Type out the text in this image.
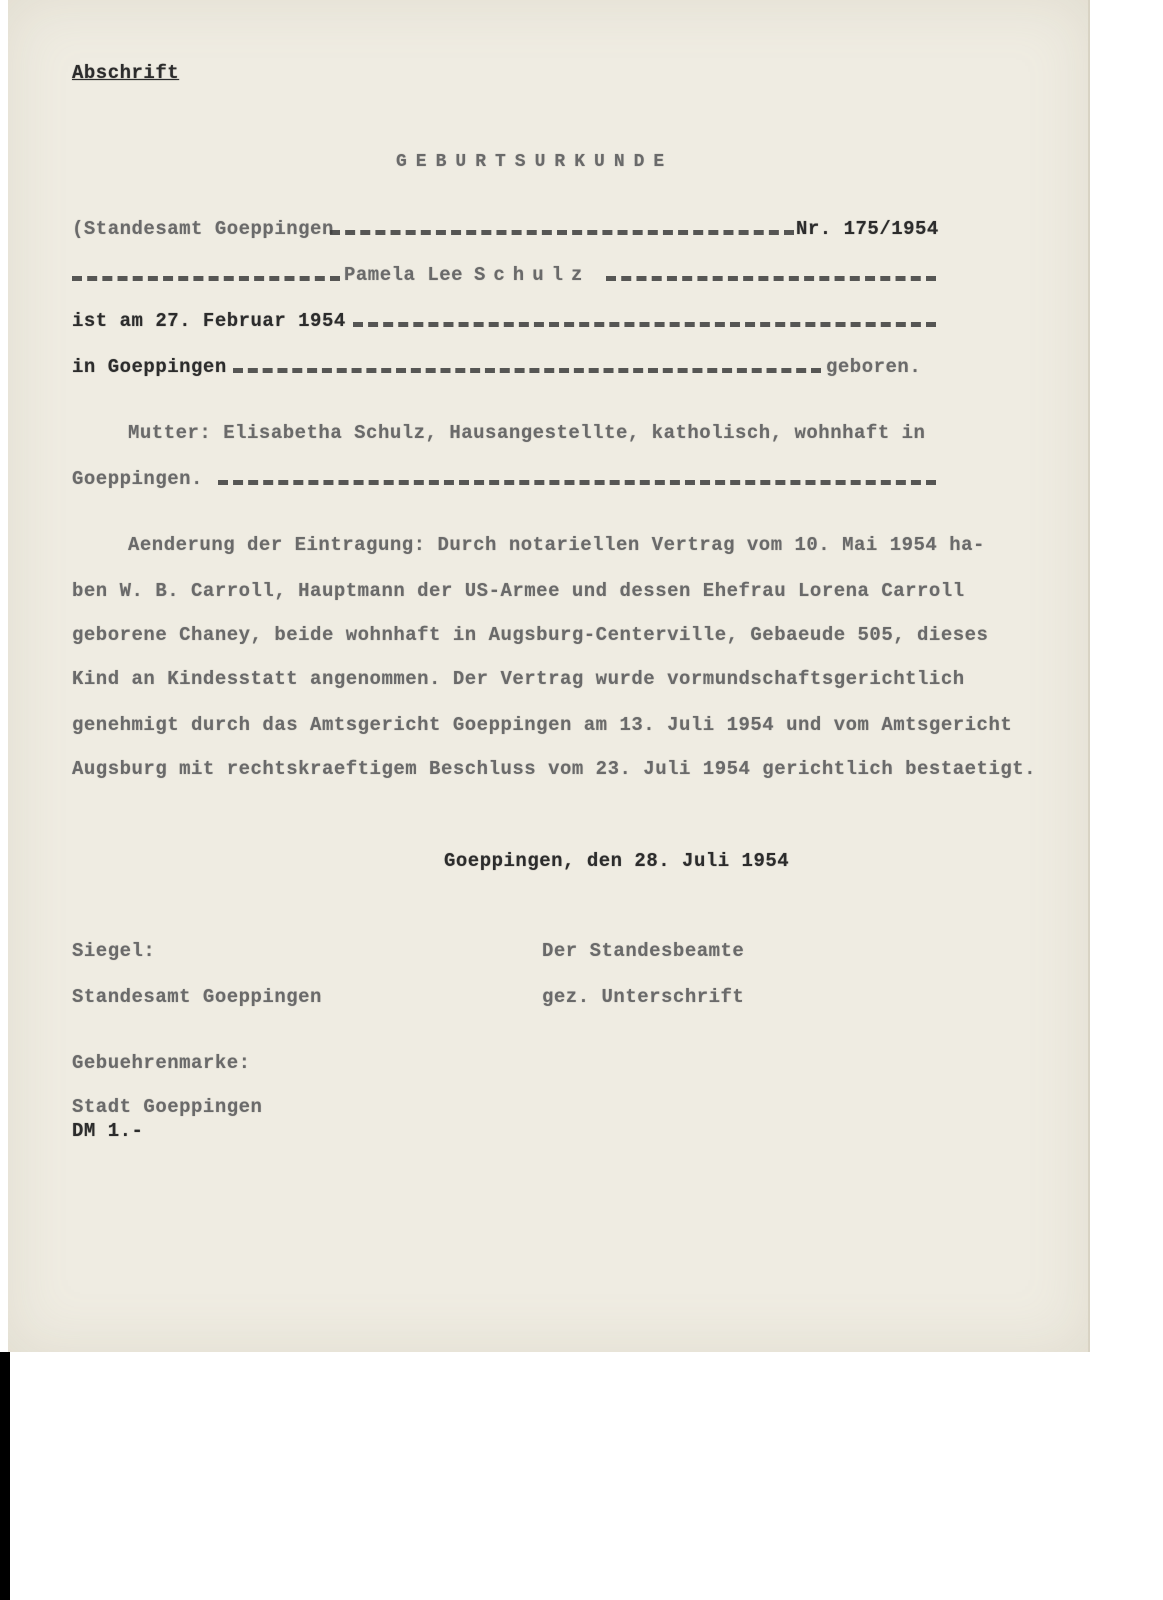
Abschrift
GEBURTSURKUNDE
(Standesamt Goeppingen	Nr. 175/1954
Pamela Lee Schulz
ist am 27. Februar 1954
in Goeppingen	geboren.
Mutter: Elisabetha Schulz, Hausangestellte, katholisch, wohnhaft in
Goeppingen.
Aenderung der Eintragung: Durch notariellen Vertrag vom 10. Mai 1954 ha-
ben W. B. Carroll, Hauptmann der US-Armee und dessen Ehefrau Lorena Carroll
geborene Chaney, beide wohnhaft in Augsburg-Centerville, Gebaeude 505, dieses
Kind an Kindesstatt angenommen. Der Vertrag wurde vormundschaftsgerichtlich
genehmigt durch das Amtsgericht Goeppingen am 13. Juli 1954 und vom Amtsgericht
Augsburg mit rechtskraeftigem Beschluss vom 23. Juli 1954 gerichtlich bestaetigt.
Goeppingen, den 28. Juli 1954
Siegel:	Der Standesbeamte
Standesamt Goeppingen	gez. Unterschrift
Gebuehrenmarke:
Stadt Goeppingen
DM 1.-
